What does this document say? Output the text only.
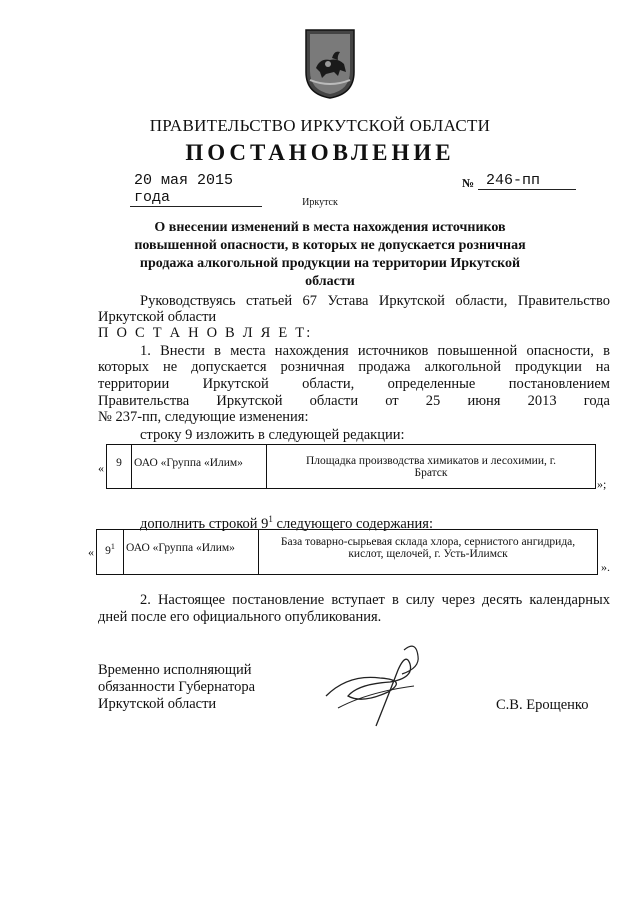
ПРАВИТЕЛЬСТВО ИРКУТСКОЙ ОБЛАСТИ
ПОСТАНОВЛЕНИЕ
20 мая 2015 года
№ 246-пп
Иркутск
О внесении изменений в места нахождения источников повышенной опасности, в которых не допускается розничная продажа алкогольной продукции на территории Иркутской области
Руководствуясь статьей 67 Устава Иркутской области, Правительство Иркутской области
П О С Т А Н О В Л Я Е Т:
1. Внести в места нахождения источников повышенной опасности, в
которых не допускается розничная продажа алкогольной продукции на
территории Иркутской области, определенные постановлением
Правительства Иркутской области от 25 июня 2013 года
№ 237-пп, следующие изменения:
строку 9 изложить в следующей редакции:
« 9	ОАО «Группа «Илим»	Площадка производства химикатов и лесохимии, г. Братск
»;
дополнить строкой $9^1$ следующего содержания:
« $9^1$	ОАО «Группа «Илим»	База товарно-сырьевая склада хлора, сернистого ангидрида, кислот, щелочей, г. Усть-Илимск
».
2. Настоящее постановление вступает в силу через десять календарных
дней после его официального опубликования.
Временно исполняющий
обязанности Губернатора
Иркутской области	С.В. Ерощенко
